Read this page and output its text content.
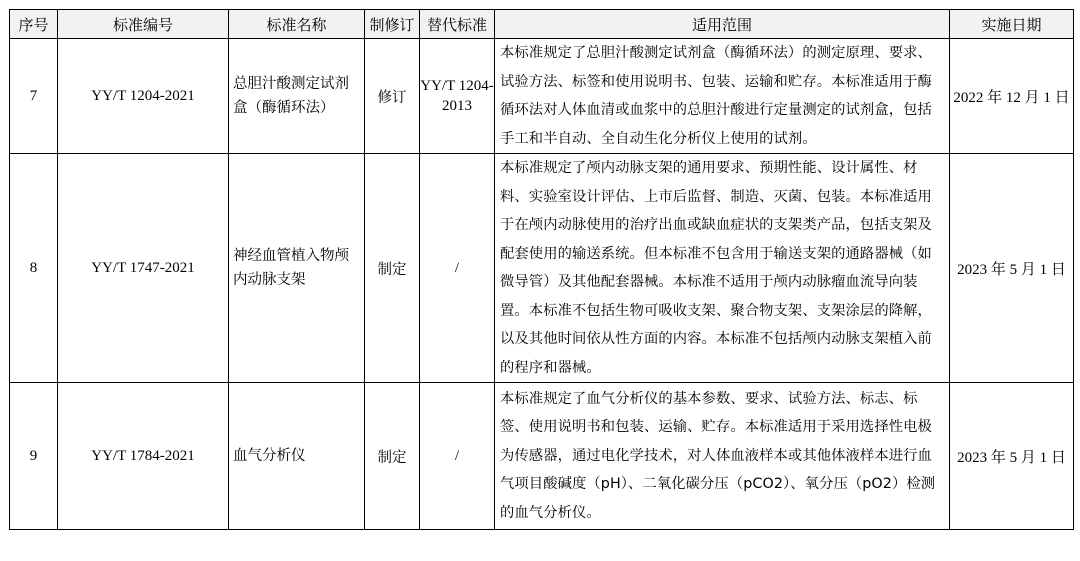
序号	标准编号	标准名称	制修订	替代标准	适用范围	实施日期
7	YY/T 1204-2021	总胆汁酸测定试剂盒（酶循环法）	修订	YY/T 1204-2013	本标准规定了总胆汁酸测定试剂盒（酶循环法）的测定原理、要求、试验方法、标签和使用说明书、包装、运输和贮存。本标准适用于酶循环法对人体血清或血浆中的总胆汁酸进行定量测定的试剂盒，包括手工和半自动、全自动生化分析仪上使用的试剂。	2022 年 12 月 1 日
8	YY/T 1747-2021	神经血管植入物颅内动脉支架	制定	/	本标准规定了颅内动脉支架的通用要求、预期性能、设计属性、材料、实验室设计评估、上市后监督、制造、灭菌、包装。本标准适用于在颅内动脉使用的治疗出血或缺血症状的支架类产品，包括支架及配套使用的输送系统。但本标准不包含用于输送支架的通路器械（如微导管）及其他配套器械。本标准不适用于颅内动脉瘤血流导向装置。本标准不包括生物可吸收支架、聚合物支架、支架涂层的降解，以及其他时间依从性方面的内容。本标准不包括颅内动脉支架植入前的程序和器械。	2023 年 5 月 1 日
9	YY/T 1784-2021	血气分析仪	制定	/	本标准规定了血气分析仪的基本参数、要求、试验方法、标志、标签、使用说明书和包装、运输、贮存。本标准适用于采用选择性电极为传感器，通过电化学技术，对人体血液样本或其他体液样本进行血气项目酸碱度（pH）、二氧化碳分压（pCO2）、氧分压（pO2）检测的血气分析仪。	2023 年 5 月 1 日
